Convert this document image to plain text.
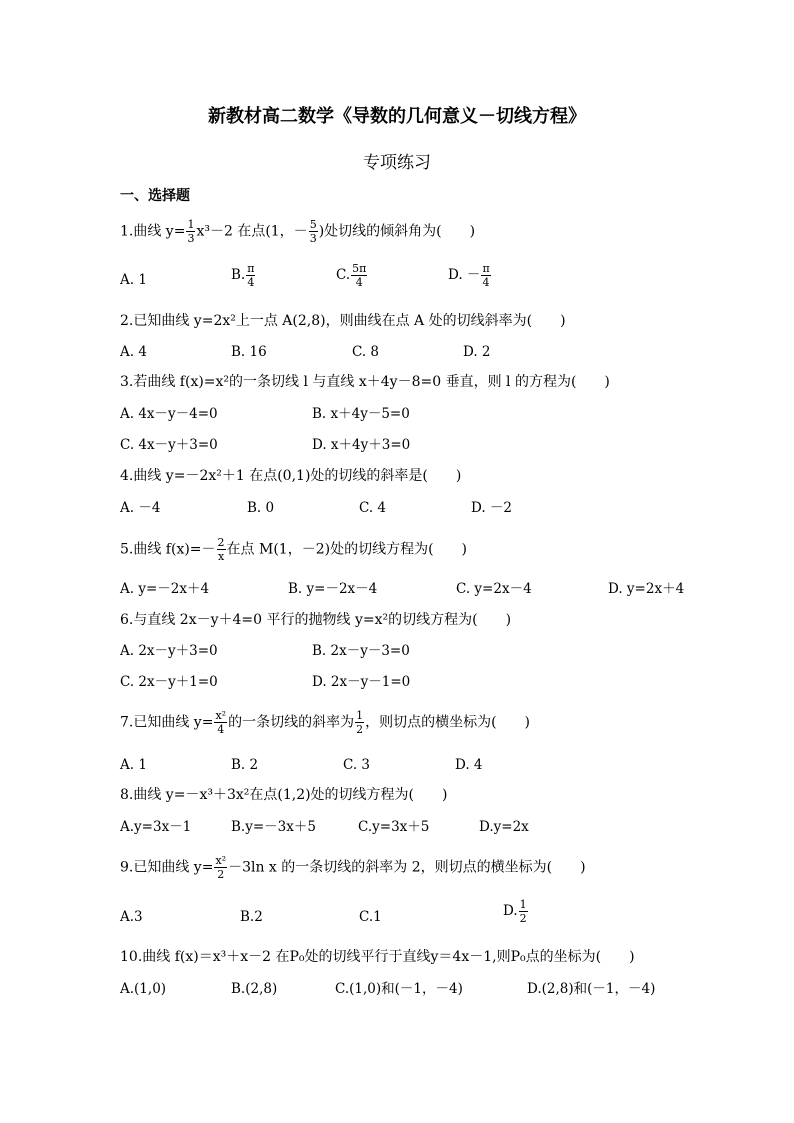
新教材高二数学《导数的几何意义－切线方程》
专项练习
一、选择题
1.曲线 $y= \frac{1}{3} x^3-2$ 在点(1，－ $\frac{5}{3}$ )处切线的倾斜角为(　　)
A. 1	B. $\frac{\pi}{4}$	C. $\frac{5\pi}{4}$	D. － $\frac{\pi}{4}$
2.已知曲线 y=2x²上一点 A(2,8)，则曲线在点 A 处的切线斜率为(　　)
A. 4	B. 16	C. 8	D. 2
3.若曲线 f(x)=x²的一条切线 l 与直线 x＋4y－8=0 垂直，则 l 的方程为(　　)
A. 4x－y－4=0	B. x＋4y－5=0
C. 4x－y＋3=0	D. x＋4y＋3=0
4.曲线 y=－2x²＋1 在点(0,1)处的切线的斜率是(　　)
A. －4	B. 0	C. 4	D. －2
5.曲线 $f(x)=- \frac{2}{x}$ 在点 M(1，－2)处的切线方程为(　　)
A. y=－2x＋4	B. y=－2x－4	C. y=2x－4	D. y=2x＋4
6.与直线 2x－y＋4=0 平行的抛物线 y=x²的切线方程为(　　)
A. 2x－y＋3=0	B. 2x－y－3=0
C. 2x－y＋1=0	D. 2x－y－1=0
7.已知曲线 $y= \frac{\text{x²}}{4}$ 的一条切线的斜率为 $\frac{1}{2}$ ，则切点的横坐标为(　　)
A. 1	B. 2	C. 3	D. 4
8.曲线 y=－x³＋3x²在点(1,2)处的切线方程为(　　)
A.y=3x－1	B.y=－3x＋5	C.y=3x＋5	D.y=2x
9.已知曲线 $y= \frac{\text{x²}}{2} -3\ln$ x 的一条切线的斜率为 2，则切点的横坐标为(　　)
A.3	B.2	C.1	D. $\frac{1}{2}$
10.曲线 f(x)＝x³＋x－2 在P₀处的切线平行于直线y＝4x－1,则P₀点的坐标为(　　)
A.(1,0)	B.(2,8)	C.(1,0)和(－1，－4)	D.(2,8)和(－1，－4)
